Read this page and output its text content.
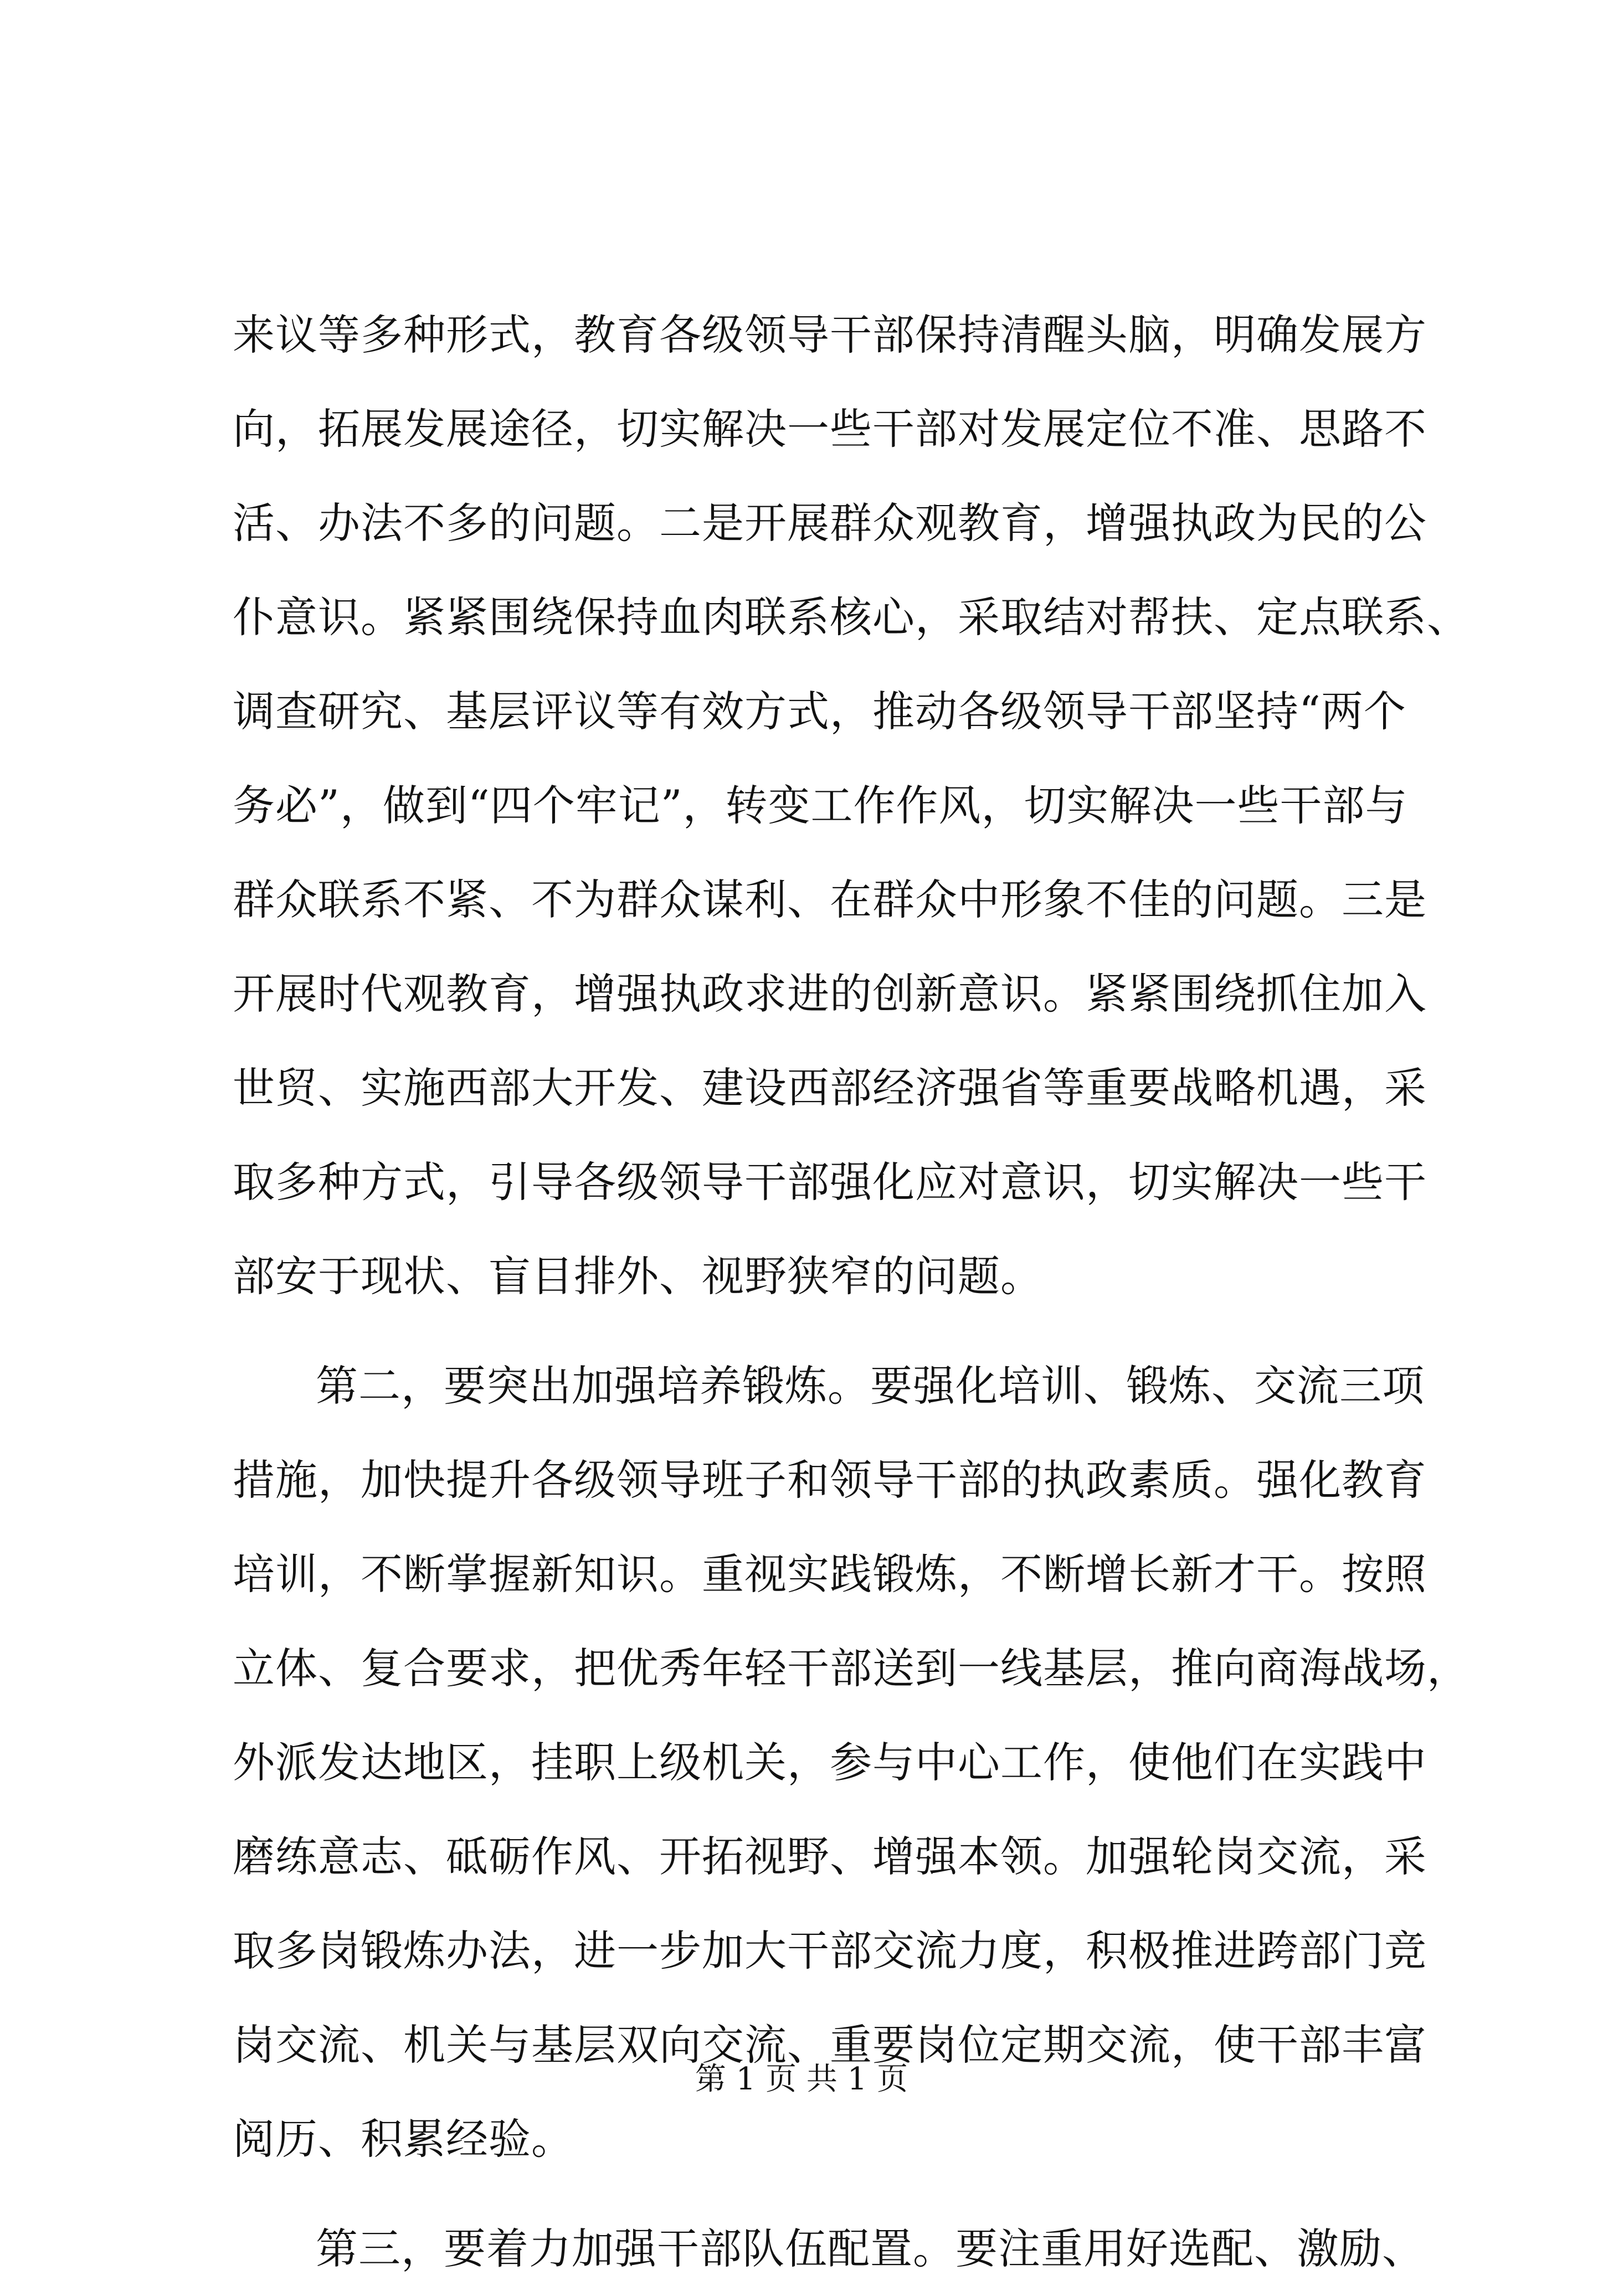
来议等多种形式，教育各级领导干部保持清醒头脑，明确发展方
向，拓展发展途径，切实解决一些干部对发展定位不准、思路不
活、办法不多的问题。二是开展群众观教育，增强执政为民的公
仆意识。紧紧围绕保持血肉联系核心，采取结对帮扶、定点联系、
调查研究、基层评议等有效方式，推动各级领导干部坚持“两个
务必”，做到“四个牢记”，转变工作作风，切实解决一些干部与
群众联系不紧、不为群众谋利、在群众中形象不佳的问题。三是
开展时代观教育，增强执政求进的创新意识。紧紧围绕抓住加入
世贸、实施西部大开发、建设西部经济强省等重要战略机遇，采
取多种方式，引导各级领导干部强化应对意识，切实解决一些干
部安于现状、盲目排外、视野狭窄的问题。
第二，要突出加强培养锻炼。要强化培训、锻炼、交流三项
措施，加快提升各级领导班子和领导干部的执政素质。强化教育
培训，不断掌握新知识。重视实践锻炼，不断增长新才干。按照
立体、复合要求，把优秀年轻干部送到一线基层，推向商海战场，
外派发达地区，挂职上级机关，参与中心工作，使他们在实践中
磨练意志、砥砺作风、开拓视野、增强本领。加强轮岗交流，采
取多岗锻炼办法，进一步加大干部交流力度，积极推进跨部门竞
岗交流、机关与基层双向交流、重要岗位定期交流，使干部丰富
阅历、积累经验。
第三，要着力加强干部队伍配置。要注重用好选配、激励、
第 1 页 共 1 页
